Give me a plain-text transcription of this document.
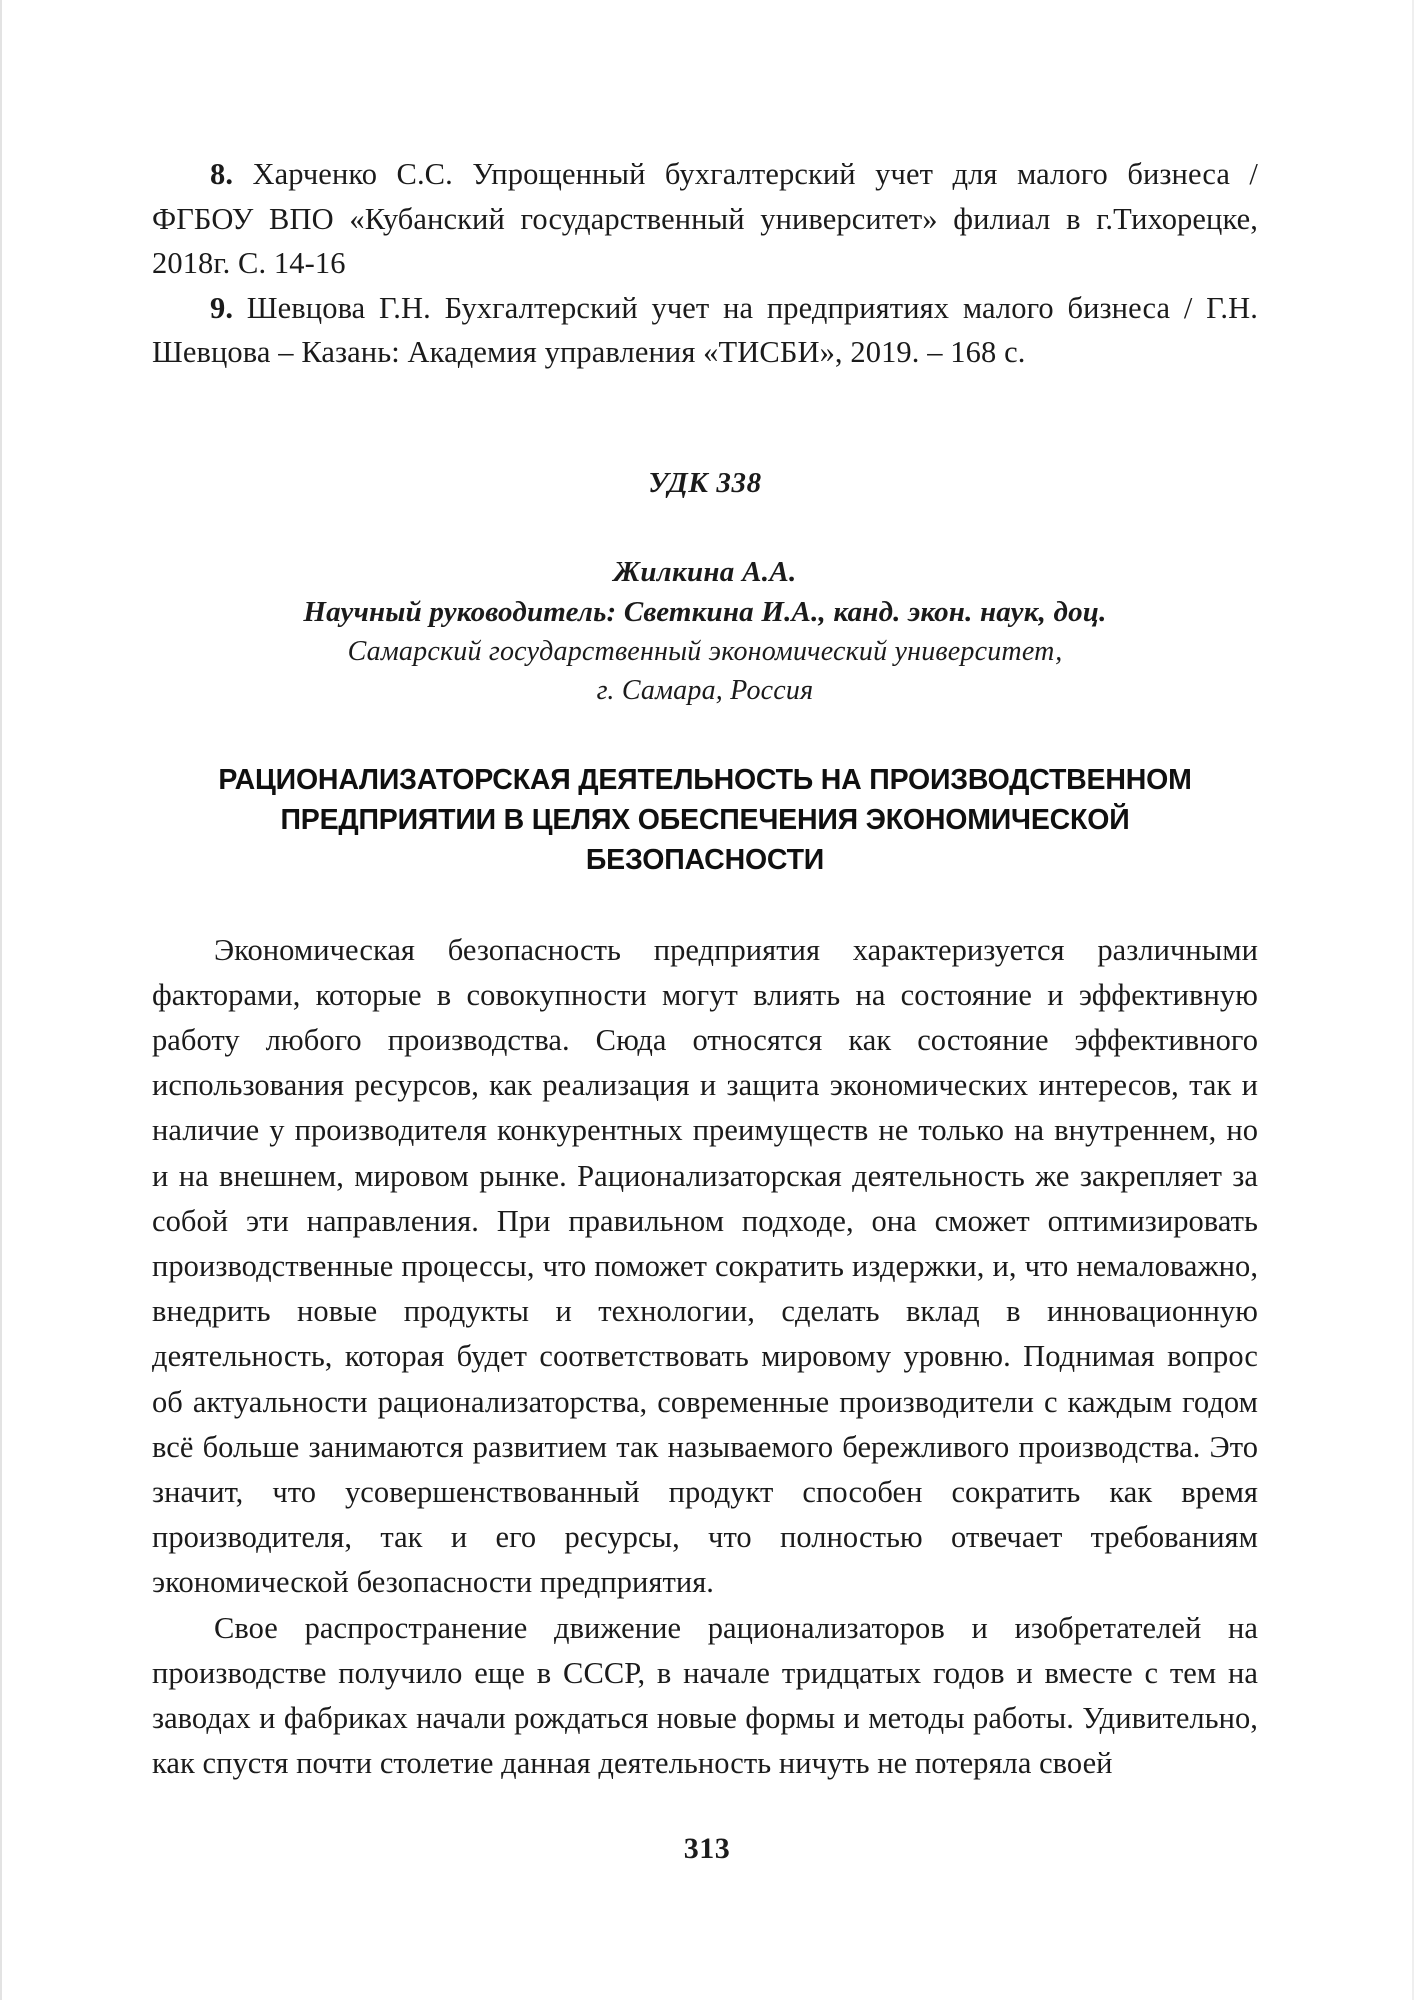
8. Харченко С.С. Упрощенный бухгалтерский учет для малого бизнеса / ФГБОУ ВПО «Кубанский государственный университет» филиал в г.Тихорецке, 2018г. С. 14-16

9. Шевцова Г.Н. Бухгалтерский учет на предприятиях малого бизнеса / Г.Н. Шевцова – Казань: Академия управления «ТИСБИ», 2019. – 168 с.

УДК 338
Жилкина А.А.
Научный руководитель: Светкина И.А., канд. экон. наук, доц.
Самарский государственный экономический университет,
г. Самара, Россия
РАЦИОНАЛИЗАТОРСКАЯ ДЕЯТЕЛЬНОСТЬ НА ПРОИЗВОДСТВЕННОМ ПРЕДПРИЯТИИ В ЦЕЛЯХ ОБЕСПЕЧЕНИЯ ЭКОНОМИЧЕСКОЙ БЕЗОПАСНОСТИ

Экономическая безопасность предприятия характеризуется различными факторами, которые в совокупности могут влиять на состояние и эффективную работу любого производства. Сюда относятся как состояние эффективного использования ресурсов, как реализация и защита экономических интересов, так и наличие у производителя конкурентных преимуществ не только на внутреннем, но и на внешнем, мировом рынке. Рационализаторская деятельность же закрепляет за собой эти направления. При правильном подходе, она сможет оптимизировать производственные процессы, что поможет сократить издержки, и, что немаловажно, внедрить новые продукты и технологии, сделать вклад в инновационную деятельность, которая будет соответствовать мировому уровню. Поднимая вопрос об актуальности рационализаторства, современные производители с каждым годом всё больше занимаются развитием так называемого бережливого производства. Это значит, что усовершенствованный продукт способен сократить как время производителя, так и его ресурсы, что полностью отвечает требованиям экономической безопасности предприятия.

Свое распространение движение рационализаторов и изобретателей на производстве получило еще в СССР, в начале тридцатых годов и вместе с тем на заводах и фабриках начали рождаться новые формы и методы работы. Удивительно, как спустя почти столетие данная деятельность ничуть не потеряла своей

313
